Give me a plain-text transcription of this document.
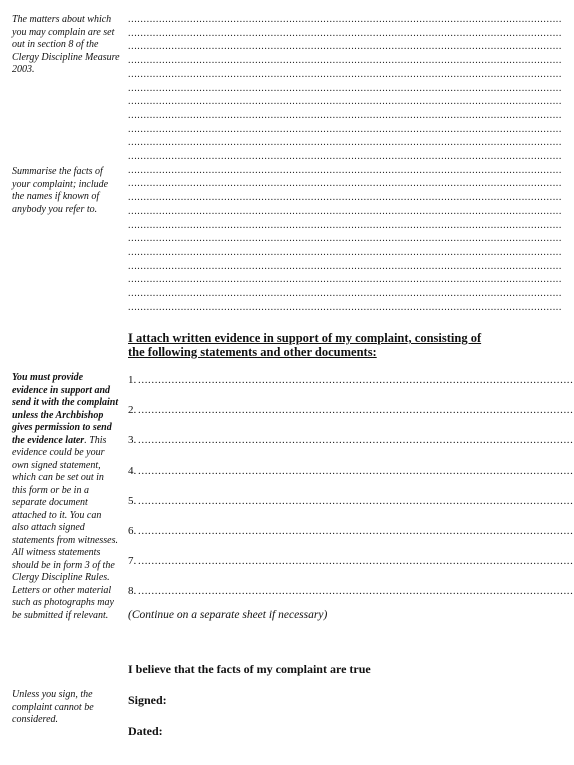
The matters about which you may complain are set out in section 8 of the Clergy Discipline Measure 2003.
Summarise the facts of your complaint; include the names if known of anybody you refer to.
You must provide evidence in support and send it with the complaint unless the Archbishop gives permission to send the evidence later. This evidence could be your own signed statement, which can be set out in this form or be in a separate document attached to it. You can also attach signed statements from witnesses. All witness statements should be in form 3 of the Clergy Discipline Rules. Letters or other material such as photographs may be submitted if relevant.
Unless you sign, the complaint cannot be considered.
............................................................................................................................................
............................................................................................................................................
............................................................................................................................................
............................................................................................................................................
............................................................................................................................................
............................................................................................................................................
............................................................................................................................................
............................................................................................................................................
............................................................................................................................................
............................................................................................................................................
............................................................................................................................................
............................................................................................................................................
............................................................................................................................................
............................................................................................................................................
............................................................................................................................................
............................................................................................................................................
............................................................................................................................................
............................................................................................................................................
............................................................................................................................................
............................................................................................................................................
............................................................................................................................................
............................................................................................................................................
I attach written evidence in support of my complaint, consisting of the following statements and other documents:
1. ..................................................................................................................................
2. ..................................................................................................................................
3. ..................................................................................................................................
4. ..................................................................................................................................
5. ..................................................................................................................................
6. ..................................................................................................................................
7. ..................................................................................................................................
8. ..................................................................................................................................
(Continue on a separate sheet if necessary)
I believe that the facts of my complaint are true
Signed:
Dated:
